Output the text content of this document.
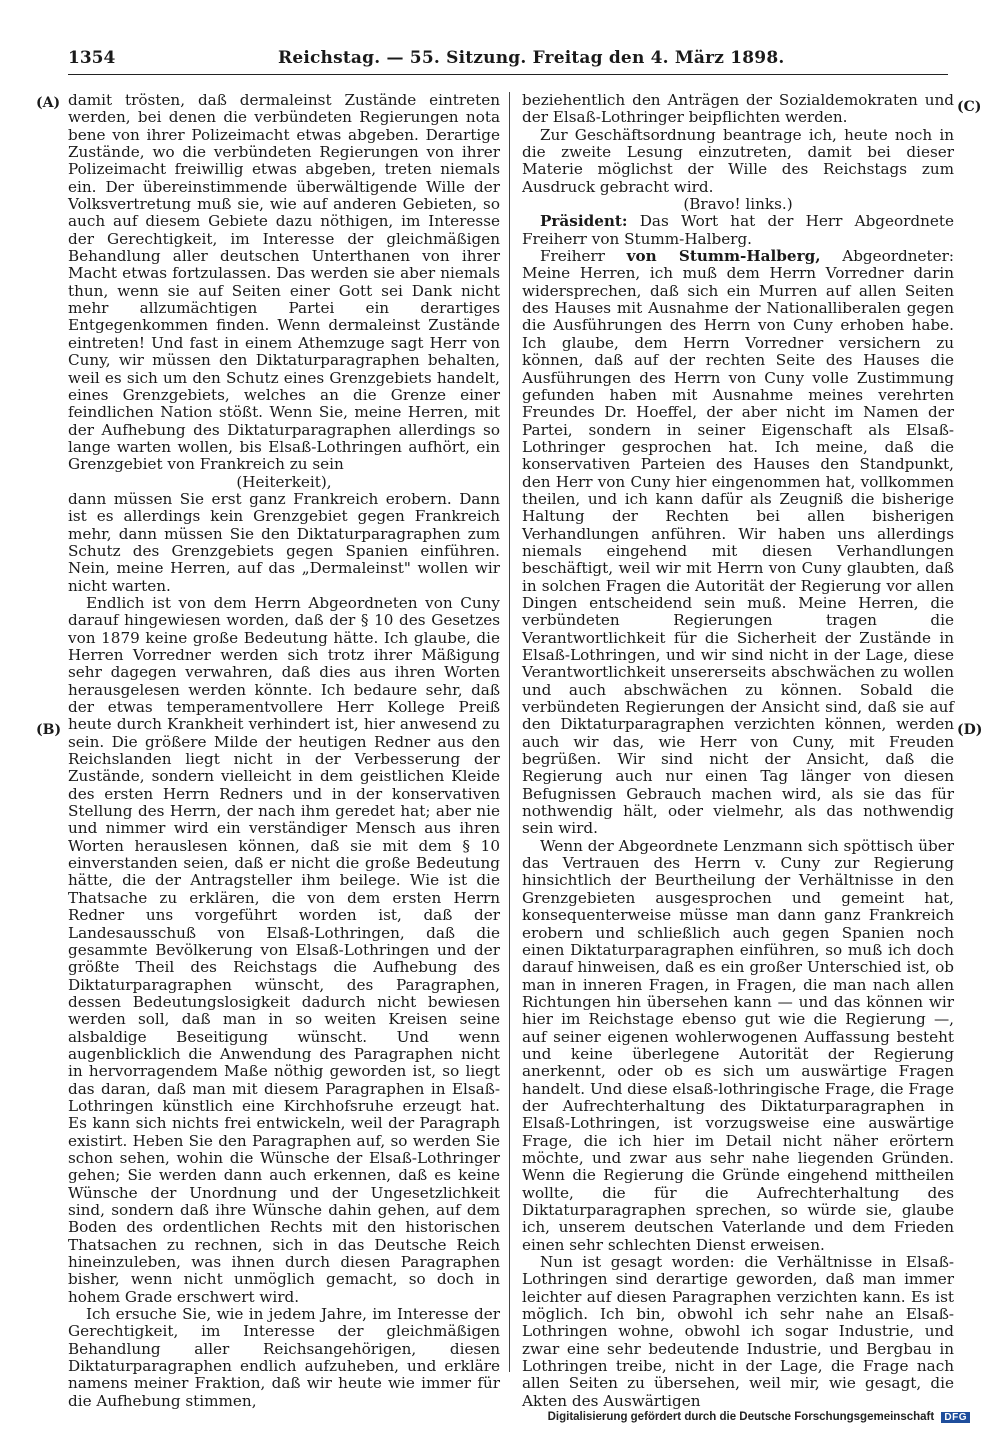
1354	Reichstag. — 55. Sitzung. Freitag den 4. März 1898.
(A)
(B)
(C)
(D)

damit trösten, daß dermaleinst Zustände eintreten werden, bei denen die verbündeten Regierungen nota bene von ihrer Polizeimacht etwas abgeben. Derartige Zustände, wo die verbündeten Regierungen von ihrer Polizeimacht freiwillig etwas abgeben, treten niemals ein. Der übereinstimmende überwältigende Wille der Volksvertretung muß sie, wie auf anderen Gebieten, so auch auf diesem Gebiete dazu nöthigen, im Interesse der Gerechtigkeit, im Interesse der gleichmäßigen Behandlung aller deutschen Unterthanen von ihrer Macht etwas fortzulassen. Das werden sie aber niemals thun, wenn sie auf Seiten einer Gott sei Dank nicht mehr allzumächtigen Partei ein derartiges Entgegenkommen finden. Wenn dermaleinst Zustände eintreten! Und fast in einem Athemzuge sagt Herr von Cuny, wir müssen den Diktaturparagraphen behalten, weil es sich um den Schutz eines Grenzgebiets handelt, eines Grenzgebiets, welches an die Grenze einer feindlichen Nation stößt. Wenn Sie, meine Herren, mit der Aufhebung des Diktaturparagraphen allerdings so lange warten wollen, bis Elsaß-Lothringen aufhört, ein Grenzgebiet von Frankreich zu sein

(Heiterkeit),

dann müssen Sie erst ganz Frankreich erobern. Dann ist es allerdings kein Grenzgebiet gegen Frankreich mehr, dann müssen Sie den Diktaturparagraphen zum Schutz des Grenzgebiets gegen Spanien einführen. Nein, meine Herren, auf das „Dermaleinst" wollen wir nicht warten.

Endlich ist von dem Herrn Abgeordneten von Cuny darauf hingewiesen worden, daß der § 10 des Gesetzes von 1879 keine große Bedeutung hätte. Ich glaube, die Herren Vorredner werden sich trotz ihrer Mäßigung sehr dagegen verwahren, daß dies aus ihren Worten herausgelesen werden könnte. Ich bedaure sehr, daß der etwas temperamentvollere Herr Kollege Preiß heute durch Krankheit verhindert ist, hier anwesend zu sein. Die größere Milde der heutigen Redner aus den Reichslanden liegt nicht in der Verbesserung der Zustände, sondern vielleicht in dem geistlichen Kleide des ersten Herrn Redners und in der konservativen Stellung des Herrn, der nach ihm geredet hat; aber nie und nimmer wird ein verständiger Mensch aus ihren Worten herauslesen können, daß sie mit dem § 10 einverstanden seien, daß er nicht die große Bedeutung hätte, die der Antragsteller ihm beilege. Wie ist die Thatsache zu erklären, die von dem ersten Herrn Redner uns vorgeführt worden ist, daß der Landesausschuß von Elsaß-Lothringen, daß die gesammte Bevölkerung von Elsaß-Lothringen und der größte Theil des Reichstags die Aufhebung des Diktaturparagraphen wünscht, des Paragraphen, dessen Bedeutungslosigkeit dadurch nicht bewiesen werden soll, daß man in so weiten Kreisen seine alsbaldige Beseitigung wünscht. Und wenn augenblicklich die Anwendung des Paragraphen nicht in hervorragendem Maße nöthig geworden ist, so liegt das daran, daß man mit diesem Paragraphen in Elsaß-Lothringen künstlich eine Kirchhofsruhe erzeugt hat. Es kann sich nichts frei entwickeln, weil der Paragraph existirt. Heben Sie den Paragraphen auf, so werden Sie schon sehen, wohin die Wünsche der Elsaß-Lothringer gehen; Sie werden dann auch erkennen, daß es keine Wünsche der Unordnung und der Ungesetzlichkeit sind, sondern daß ihre Wünsche dahin gehen, auf dem Boden des ordentlichen Rechts mit den historischen Thatsachen zu rechnen, sich in das Deutsche Reich hineinzuleben, was ihnen durch diesen Paragraphen bisher, wenn nicht unmöglich gemacht, so doch in hohem Grade erschwert wird.

Ich ersuche Sie, wie in jedem Jahre, im Interesse der Gerechtigkeit, im Interesse der gleichmäßigen Behandlung aller Reichsangehörigen, diesen Diktaturparagraphen endlich aufzuheben, und erkläre namens meiner Fraktion, daß wir heute wie immer für die Aufhebung stimmen,

beziehentlich den Anträgen der Sozialdemokraten und der Elsaß-Lothringer beipflichten werden.

Zur Geschäftsordnung beantrage ich, heute noch in die zweite Lesung einzutreten, damit bei dieser Materie möglichst der Wille des Reichstags zum Ausdruck gebracht wird.

(Bravo! links.)

Präsident: Das Wort hat der Herr Abgeordnete Freiherr von Stumm-Halberg.

Freiherr von Stumm-Halberg, Abgeordneter: Meine Herren, ich muß dem Herrn Vorredner darin widersprechen, daß sich ein Murren auf allen Seiten des Hauses mit Ausnahme der Nationalliberalen gegen die Ausführungen des Herrn von Cuny erhoben habe. Ich glaube, dem Herrn Vorredner versichern zu können, daß auf der rechten Seite des Hauses die Ausführungen des Herrn von Cuny volle Zustimmung gefunden haben mit Ausnahme meines verehrten Freundes Dr. Hoeffel, der aber nicht im Namen der Partei, sondern in seiner Eigenschaft als Elsaß-Lothringer gesprochen hat. Ich meine, daß die konservativen Parteien des Hauses den Standpunkt, den Herr von Cuny hier eingenommen hat, vollkommen theilen, und ich kann dafür als Zeugniß die bisherige Haltung der Rechten bei allen bisherigen Verhandlungen anführen. Wir haben uns allerdings niemals eingehend mit diesen Verhandlungen beschäftigt, weil wir mit Herrn von Cuny glaubten, daß in solchen Fragen die Autorität der Regierung vor allen Dingen entscheidend sein muß. Meine Herren, die verbündeten Regierungen tragen die Verantwortlichkeit für die Sicherheit der Zustände in Elsaß-Lothringen, und wir sind nicht in der Lage, diese Verantwortlichkeit unsererseits abschwächen zu wollen und auch abschwächen zu können. Sobald die verbündeten Regierungen der Ansicht sind, daß sie auf den Diktaturparagraphen verzichten können, werden auch wir das, wie Herr von Cuny, mit Freuden begrüßen. Wir sind nicht der Ansicht, daß die Regierung auch nur einen Tag länger von diesen Befugnissen Gebrauch machen wird, als sie das für nothwendig hält, oder vielmehr, als das nothwendig sein wird.

Wenn der Abgeordnete Lenzmann sich spöttisch über das Vertrauen des Herrn v. Cuny zur Regierung hinsichtlich der Beurtheilung der Verhältnisse in den Grenzgebieten ausgesprochen und gemeint hat, konsequenterweise müsse man dann ganz Frankreich erobern und schließlich auch gegen Spanien noch einen Diktaturparagraphen einführen, so muß ich doch darauf hinweisen, daß es ein großer Unterschied ist, ob man in inneren Fragen, in Fragen, die man nach allen Richtungen hin übersehen kann — und das können wir hier im Reichstage ebenso gut wie die Regierung —, auf seiner eigenen wohlerwogenen Auffassung besteht und keine überlegene Autorität der Regierung anerkennt, oder ob es sich um auswärtige Fragen handelt. Und diese elsaß-lothringische Frage, die Frage der Aufrechterhaltung des Diktaturparagraphen in Elsaß-Lothringen, ist vorzugsweise eine auswärtige Frage, die ich hier im Detail nicht näher erörtern möchte, und zwar aus sehr nahe liegenden Gründen. Wenn die Regierung die Gründe eingehend mittheilen wollte, die für die Aufrechterhaltung des Diktaturparagraphen sprechen, so würde sie, glaube ich, unserem deutschen Vaterlande und dem Frieden einen sehr schlechten Dienst erweisen.

Nun ist gesagt worden: die Verhältnisse in Elsaß-Lothringen sind derartige geworden, daß man immer leichter auf diesen Paragraphen verzichten kann. Es ist möglich. Ich bin, obwohl ich sehr nahe an Elsaß-Lothringen wohne, obwohl ich sogar Industrie, und zwar eine sehr bedeutende Industrie, und Bergbau in Lothringen treibe, nicht in der Lage, die Frage nach allen Seiten zu übersehen, weil mir, wie gesagt, die Akten des Auswärtigen

Digitalisierung gefördert durch die Deutsche Forschungsgemeinschaft DFG
